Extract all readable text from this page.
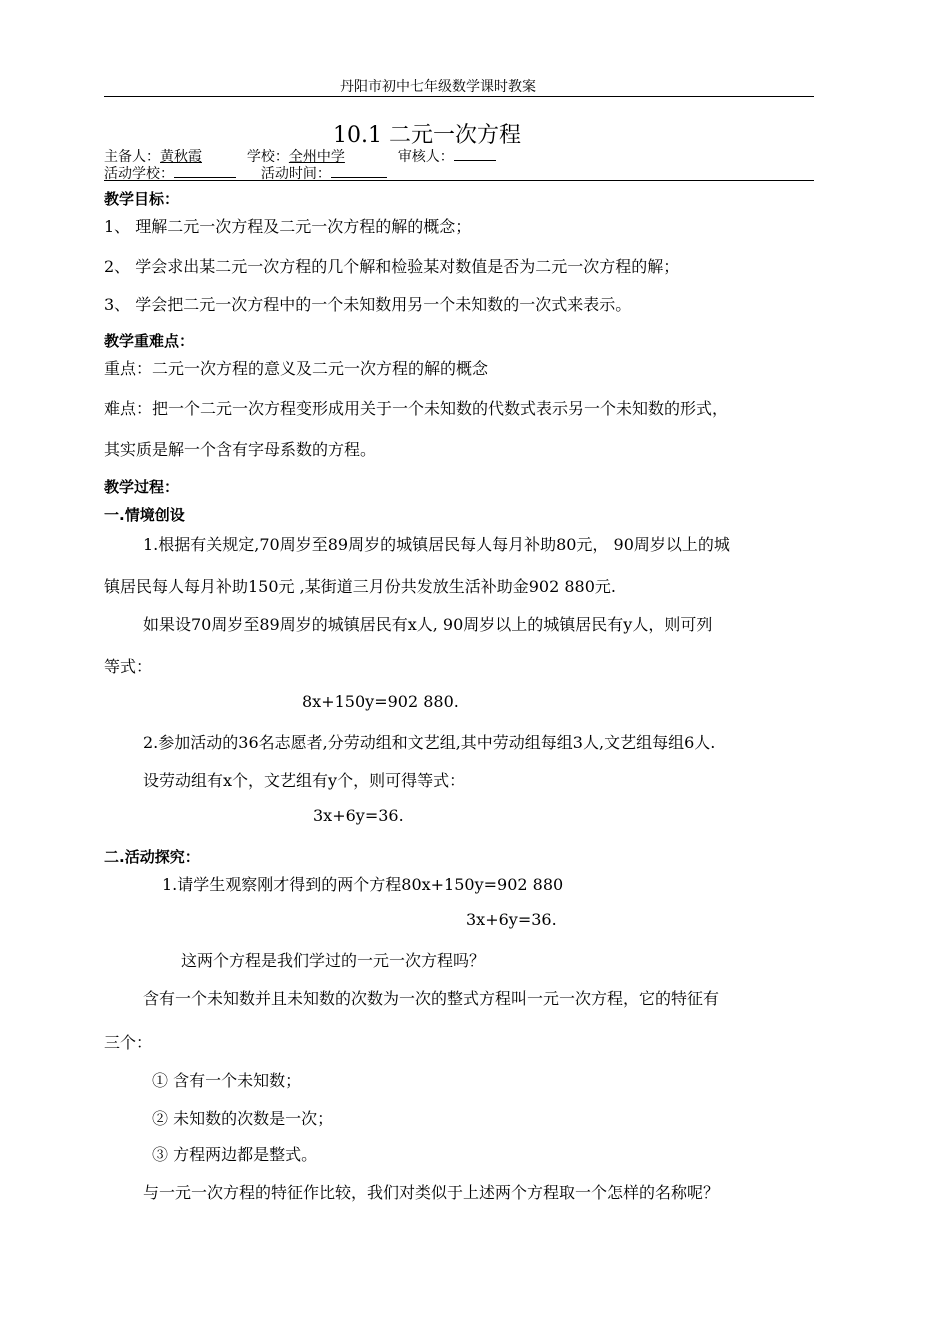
丹阳市初中七年级数学课时教案
10.1 二元一次方程
主备人：黄秋霞	学校：全州中学	审核人：
活动学校：	活动时间：
教学目标：
1、 理解二元一次方程及二元一次方程的解的概念；
2、 学会求出某二元一次方程的几个解和检验某对数值是否为二元一次方程的解；
3、 学会把二元一次方程中的一个未知数用另一个未知数的一次式来表示。
教学重难点：
重点：二元一次方程的意义及二元一次方程的解的概念
难点：把一个二元一次方程变形成用关于一个未知数的代数式表示另一个未知数的形式，
其实质是解一个含有字母系数的方程。
教学过程：
一.情境创设
1.根据有关规定,70周岁至89周岁的城镇居民每人每月补助80元， 90周岁以上的城
镇居民每人每月补助150元 ,某街道三月份共发放生活补助金902 880元.
如果设70周岁至89周岁的城镇居民有x人, 90周岁以上的城镇居民有y人，则可列
等式：
8x+150y=902 880.
2.参加活动的36名志愿者,分劳动组和文艺组,其中劳动组每组3人,文艺组每组6人.
设劳动组有x个，文艺组有y个，则可得等式：
3x+6y=36.
二.活动探究：
1.请学生观察刚才得到的两个方程80x+150y=902 880
3x+6y=36.
这两个方程是我们学过的一元一次方程吗？
含有一个未知数并且未知数的次数为一次的整式方程叫一元一次方程，它的特征有
三个：
① 含有一个未知数；
② 未知数的次数是一次；
③ 方程两边都是整式。
与一元一次方程的特征作比较，我们对类似于上述两个方程取一个怎样的名称呢？
